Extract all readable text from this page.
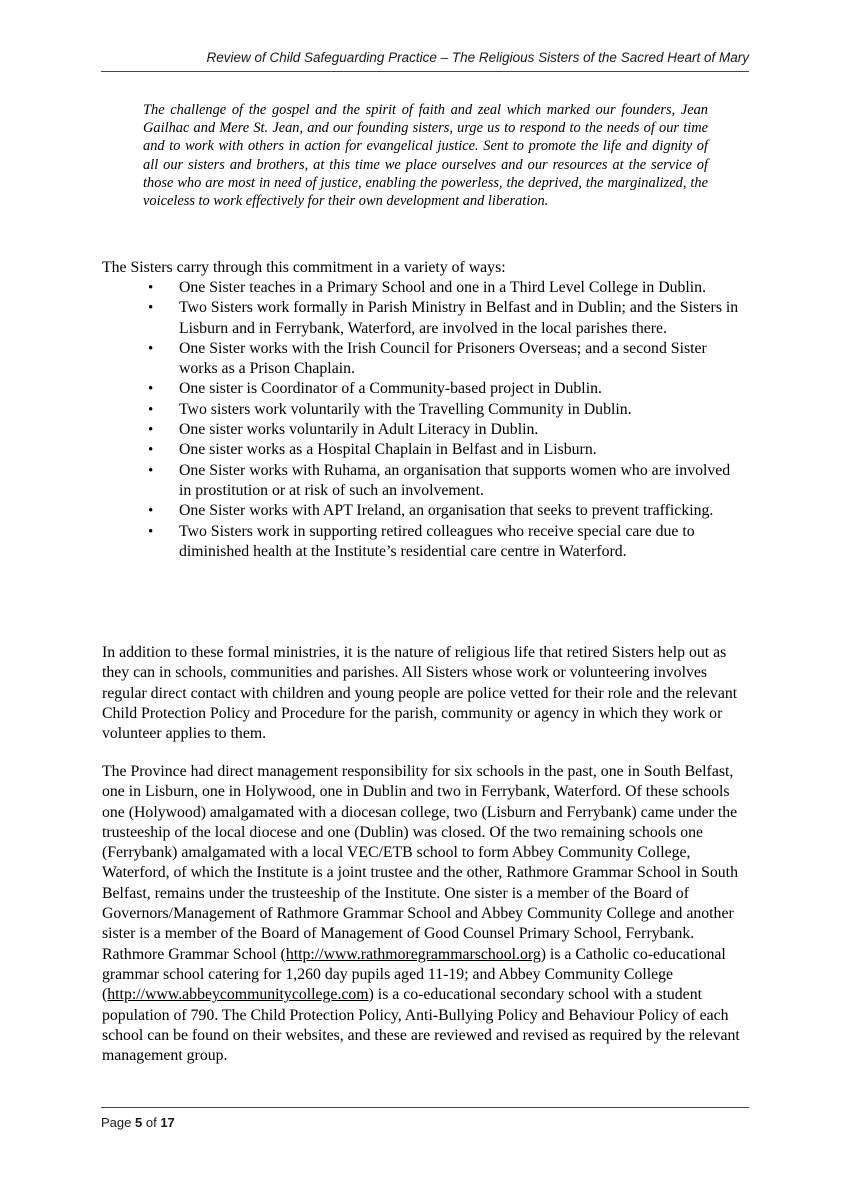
Review of Child Safeguarding Practice – The Religious Sisters of the Sacred Heart of Mary

The challenge of the gospel and the spirit of faith and zeal which marked our founders, Jean Gailhac and Mere St. Jean, and our founding sisters, urge us to respond to the needs of our time and to work with others in action for evangelical justice. Sent to promote the life and dignity of all our sisters and brothers, at this time we place ourselves and our resources at the service of those who are most in need of justice, enabling the powerless, the deprived, the marginalized, the voiceless to work effectively for their own development and liberation.

The Sisters carry through this commitment in a variety of ways:

• One Sister teaches in a Primary School and one in a Third Level College in Dublin.
• Two Sisters work formally in Parish Ministry in Belfast and in Dublin; and the Sisters in Lisburn and in Ferrybank, Waterford, are involved in the local parishes there.
• One Sister works with the Irish Council for Prisoners Overseas; and a second Sister works as a Prison Chaplain.
• One sister is Coordinator of a Community-based project in Dublin.
• Two sisters work voluntarily with the Travelling Community in Dublin.
• One sister works voluntarily in Adult Literacy in Dublin.
• One sister works as a Hospital Chaplain in Belfast and in Lisburn.
• One Sister works with Ruhama, an organisation that supports women who are involved in prostitution or at risk of such an involvement.
• One Sister works with APT Ireland, an organisation that seeks to prevent trafficking.
• Two Sisters work in supporting retired colleagues who receive special care due to diminished health at the Institute’s residential care centre in Waterford.

In addition to these formal ministries, it is the nature of religious life that retired Sisters help out as they can in schools, communities and parishes. All Sisters whose work or volunteering involves regular direct contact with children and young people are police vetted for their role and the relevant Child Protection Policy and Procedure for the parish, community or agency in which they work or volunteer applies to them.

The Province had direct management responsibility for six schools in the past, one in South Belfast, one in Lisburn, one in Holywood, one in Dublin and two in Ferrybank, Waterford. Of these schools one (Holywood) amalgamated with a diocesan college, two (Lisburn and Ferrybank) came under the trusteeship of the local diocese and one (Dublin) was closed. Of the two remaining schools one (Ferrybank) amalgamated with a local VEC/ETB school to form Abbey Community College, Waterford, of which the Institute is a joint trustee and the other, Rathmore Grammar School in South Belfast, remains under the trusteeship of the Institute. One sister is a member of the Board of Governors/Management of Rathmore Grammar School and Abbey Community College and another sister is a member of the Board of Management of Good Counsel Primary School, Ferrybank. Rathmore Grammar School (http://www.rathmoregrammarschool.org) is a Catholic co-educational grammar school catering for 1,260 day pupils aged 11-19; and Abbey Community College (http://www.abbeycommunitycollege.com) is a co-educational secondary school with a student population of 790. The Child Protection Policy, Anti-Bullying Policy and Behaviour Policy of each school can be found on their websites, and these are reviewed and revised as required by the relevant management group.

Page 5 of 17
